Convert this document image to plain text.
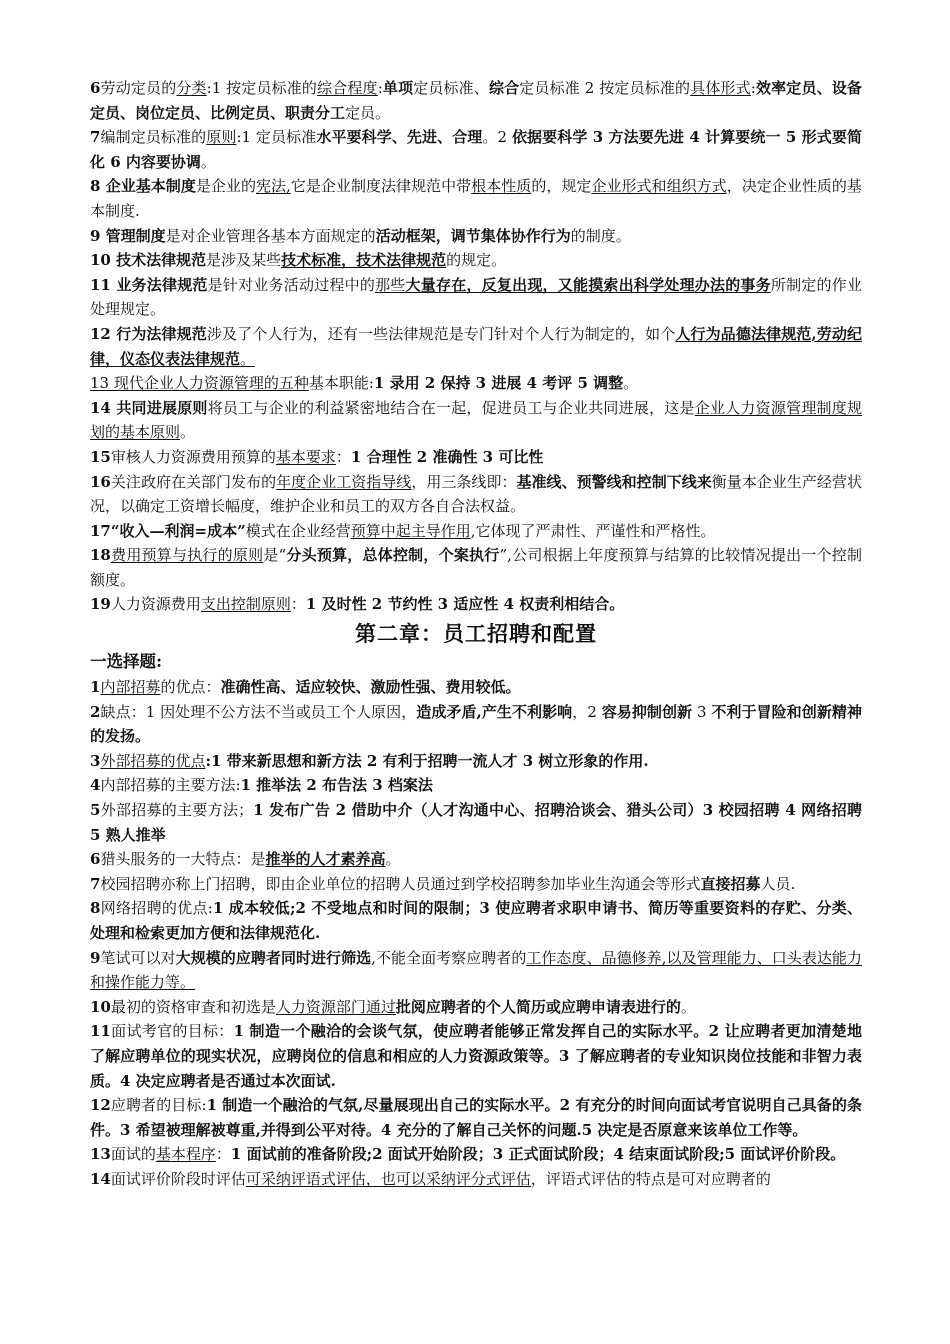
6劳动定员的分类:1 按定员标准的综合程度:单项定员标准、综合定员标准 2 按定员标准的具体形式:效率定员、设备定员、岗位定员、比例定员、职责分工定员。

7编制定员标准的原则:1 定员标准水平要科学、先进、合理。2 依据要科学 3 方法要先进 4 计算要统一 5 形式要简化 6 内容要协调。

8 企业基本制度是企业的宪法,它是企业制度法律规范中带根本性质的，规定企业形式和组织方式，决定企业性质的基本制度.

9 管理制度是对企业管理各基本方面规定的活动框架，调节集体协作行为的制度。

10 技术法律规范是涉及某些技术标准，技术法律规范的规定。

11 业务法律规范是针对业务活动过程中的那些大量存在，反复出现，又能摸索出科学处理办法的事务所制定的作业处理规定。

12 行为法律规范涉及了个人行为，还有一些法律规范是专门针对个人行为制定的，如个人行为品德法律规范,劳动纪律，仪态仪表法律规范。

13 现代企业人力资源管理的五种基本职能:1 录用 2 保持 3 进展 4 考评 5 调整。

14 共同进展原则将员工与企业的利益紧密地结合在一起，促进员工与企业共同进展，这是企业人力资源管理制度规划的基本原则。

15审核人力资源费用预算的基本要求：1 合理性 2 准确性 3 可比性

16关注政府在关部门发布的年度企业工资指导线，用三条线即：基准线、预警线和控制下线来衡量本企业生产经营状况，以确定工资增长幅度，维护企业和员工的双方各自合法权益。

17“收入—利润=成本”模式在企业经营预算中起主导作用,它体现了严肃性、严谨性和严格性。

18费用预算与执行的原则是“分头预算，总体控制，个案执行”,公司根据上年度预算与结算的比较情况提出一个控制额度。

19人力资源费用支出控制原则：1 及时性 2 节约性 3 适应性 4 权责利相结合。

第二章：员工招聘和配置
一选择题:

1内部招募的优点：准确性高、适应较快、激励性强、费用较低。

2缺点：1 因处理不公方法不当或员工个人原因，造成矛盾,产生不利影响，2 容易抑制创新 3 不利于冒险和创新精神的发扬。

3外部招募的优点:1 带来新思想和新方法 2 有利于招聘一流人才 3 树立形象的作用.

4内部招募的主要方法:1 推举法 2 布告法 3 档案法

5外部招募的主要方法；1 发布广告 2 借助中介（人才沟通中心、招聘洽谈会、猎头公司）3 校园招聘 4 网络招聘 5 熟人推举

6猎头服务的一大特点：是推举的人才素养高。

7校园招聘亦称上门招聘，即由企业单位的招聘人员通过到学校招聘参加毕业生沟通会等形式直接招募人员.

8网络招聘的优点:1 成本较低;2 不受地点和时间的限制；3 使应聘者求职申请书、简历等重要资料的存贮、分类、处理和检索更加方便和法律规范化.

9笔试可以对大规模的应聘者同时进行筛选,不能全面考察应聘者的工作态度、品德修养,以及管理能力、口头表达能力和操作能力等。

10最初的资格审查和初选是人力资源部门通过批阅应聘者的个人简历或应聘申请表进行的。

11面试考官的目标：1 制造一个融洽的会谈气氛，使应聘者能够正常发挥自己的实际水平。2 让应聘者更加清楚地了解应聘单位的现实状况，应聘岗位的信息和相应的人力资源政策等。3 了解应聘者的专业知识岗位技能和非智力表质。4 决定应聘者是否通过本次面试.

12应聘者的目标:1 制造一个融洽的气氛,尽量展现出自己的实际水平。2 有充分的时间向面试考官说明自己具备的条件。3 希望被理解被尊重,并得到公平对待。4 充分的了解自己关怀的问题.5 决定是否原意来该单位工作等。

13面试的基本程序：1 面试前的准备阶段;2 面试开始阶段；3 正式面试阶段；4 结束面试阶段;5 面试评价阶段。

14面试评价阶段时评估可采纳评语式评估，也可以采纳评分式评估，评语式评估的特点是可对应聘者的
